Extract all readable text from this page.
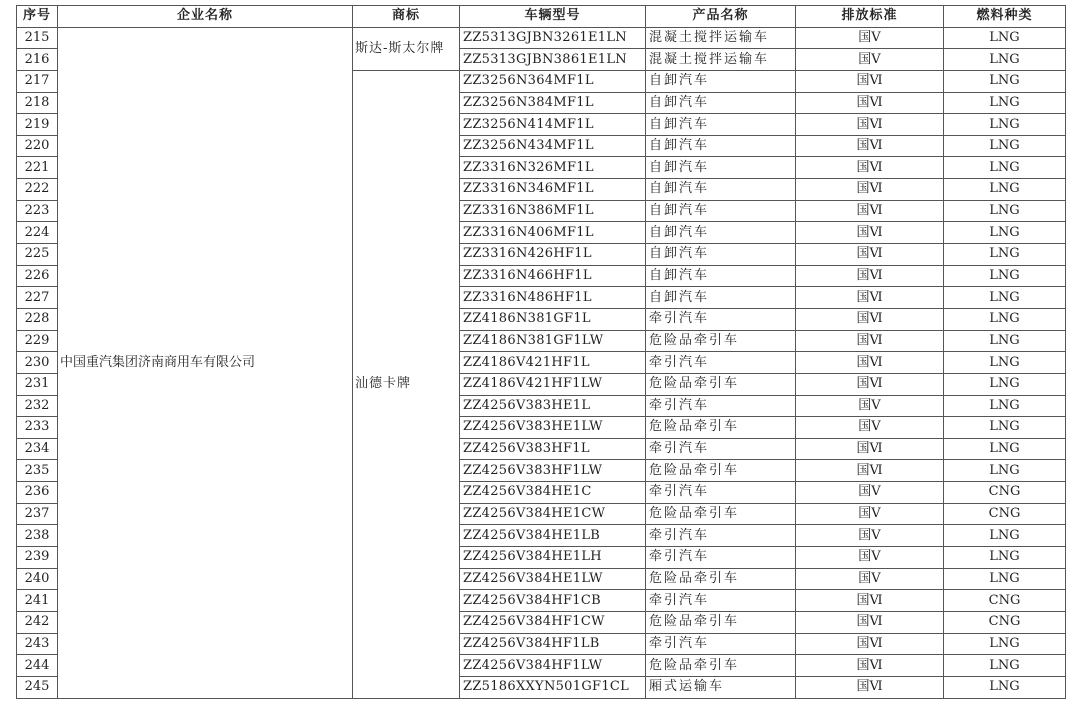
序号	企业名称	商标	车辆型号	产品名称	排放标准	燃料种类
215	中国重汽集团济南商用车有限公司	斯达-斯太尔牌	ZZ5313GJBN3261E1LN	混凝土搅拌运输车	国Ⅴ	LNG
216			ZZ5313GJBN3861E1LN	混凝土搅拌运输车	国Ⅴ	LNG
217		汕德卡牌	ZZ3256N364MF1L	自卸汽车	国Ⅵ	LNG
218			ZZ3256N384MF1L	自卸汽车	国Ⅵ	LNG
219			ZZ3256N414MF1L	自卸汽车	国Ⅵ	LNG
220			ZZ3256N434MF1L	自卸汽车	国Ⅵ	LNG
221			ZZ3316N326MF1L	自卸汽车	国Ⅵ	LNG
222			ZZ3316N346MF1L	自卸汽车	国Ⅵ	LNG
223			ZZ3316N386MF1L	自卸汽车	国Ⅵ	LNG
224			ZZ3316N406MF1L	自卸汽车	国Ⅵ	LNG
225			ZZ3316N426HF1L	自卸汽车	国Ⅵ	LNG
226			ZZ3316N466HF1L	自卸汽车	国Ⅵ	LNG
227			ZZ3316N486HF1L	自卸汽车	国Ⅵ	LNG
228			ZZ4186N381GF1L	牵引汽车	国Ⅵ	LNG
229			ZZ4186N381GF1LW	危险品牵引车	国Ⅵ	LNG
230			ZZ4186V421HF1L	牵引汽车	国Ⅵ	LNG
231			ZZ4186V421HF1LW	危险品牵引车	国Ⅵ	LNG
232			ZZ4256V383HE1L	牵引汽车	国Ⅴ	LNG
233			ZZ4256V383HE1LW	危险品牵引车	国Ⅴ	LNG
234			ZZ4256V383HF1L	牵引汽车	国Ⅵ	LNG
235			ZZ4256V383HF1LW	危险品牵引车	国Ⅵ	LNG
236			ZZ4256V384HE1C	牵引汽车	国Ⅴ	CNG
237			ZZ4256V384HE1CW	危险品牵引车	国Ⅴ	CNG
238			ZZ4256V384HE1LB	牵引汽车	国Ⅴ	LNG
239			ZZ4256V384HE1LH	牵引汽车	国Ⅴ	LNG
240			ZZ4256V384HE1LW	危险品牵引车	国Ⅴ	LNG
241			ZZ4256V384HF1CB	牵引汽车	国Ⅵ	CNG
242			ZZ4256V384HF1CW	危险品牵引车	国Ⅵ	CNG
243			ZZ4256V384HF1LB	牵引汽车	国Ⅵ	LNG
244			ZZ4256V384HF1LW	危险品牵引车	国Ⅵ	LNG
245			ZZ5186XXYN501GF1CL	厢式运输车	国Ⅵ	LNG
